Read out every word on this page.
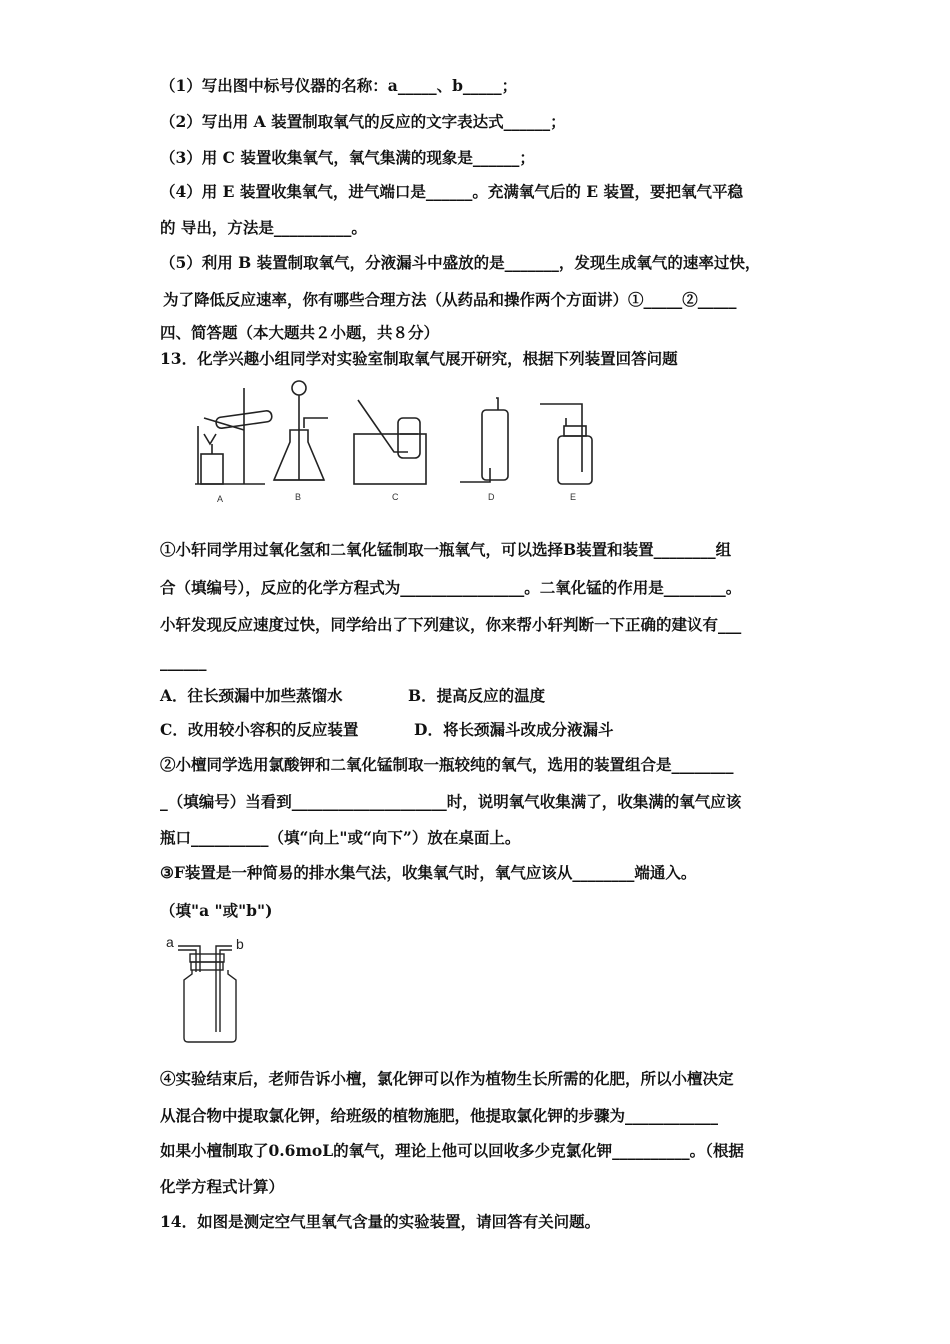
（1）写出图中标号仪器的名称：a_____、b_____；
（2）写出用 A 装置制取氧气的反应的文字表达式______；
（3）用 C 装置收集氧气，氧气集满的现象是______；
（4）用 E 装置收集氧气，进气端口是______。充满氧气后的 E 装置，要把氧气平稳
的 导出，方法是__________。
（5）利用 B 装置制取氧气，分液漏斗中盛放的是_______，发现生成氧气的速率过快，
为了降低反应速率，你有哪些合理方法（从药品和操作两个方面讲）①_____②_____
四、简答题（本大题共２小题，共８分）
13．化学兴趣小组同学对实验室制取氧气展开研究，根据下列装置回答问题
A	B	C	D	E
①小轩同学用过氧化氢和二氧化锰制取一瓶氧气，可以选择B装置和装置________组
合（填编号），反应的化学方程式为________________。二氧化锰的作用是________。
小轩发现反应速度过快，同学给出了下列建议，你来帮小轩判断一下正确的建议有___
______
A．往长颈漏中加些蒸馏水	B．提高反应的温度
C．改用较小容积的反应装置	D．将长颈漏斗改成分液漏斗
②小檀同学选用氯酸钾和二氧化锰制取一瓶较纯的氧气，选用的装置组合是________
_（填编号）当看到____________________时，说明氧气收集满了，收集满的氧气应该
瓶口__________（填“向上"或“向下”）放在桌面上。
③F装置是一种简易的排水集气法，收集氧气时，氧气应该从________端通入。
（填"a "或"b")
a	b
④实验结束后，老师告诉小檀，氯化钾可以作为植物生长所需的化肥，所以小檀决定
从混合物中提取氯化钾，给班级的植物施肥，他提取氯化钾的步骤为____________
如果小檀制取了0.6moL的氧气，理论上他可以回收多少克氯化钾__________。（根据
化学方程式计算）
14．如图是测定空气里氧气含量的实验装置，请回答有关问题。
